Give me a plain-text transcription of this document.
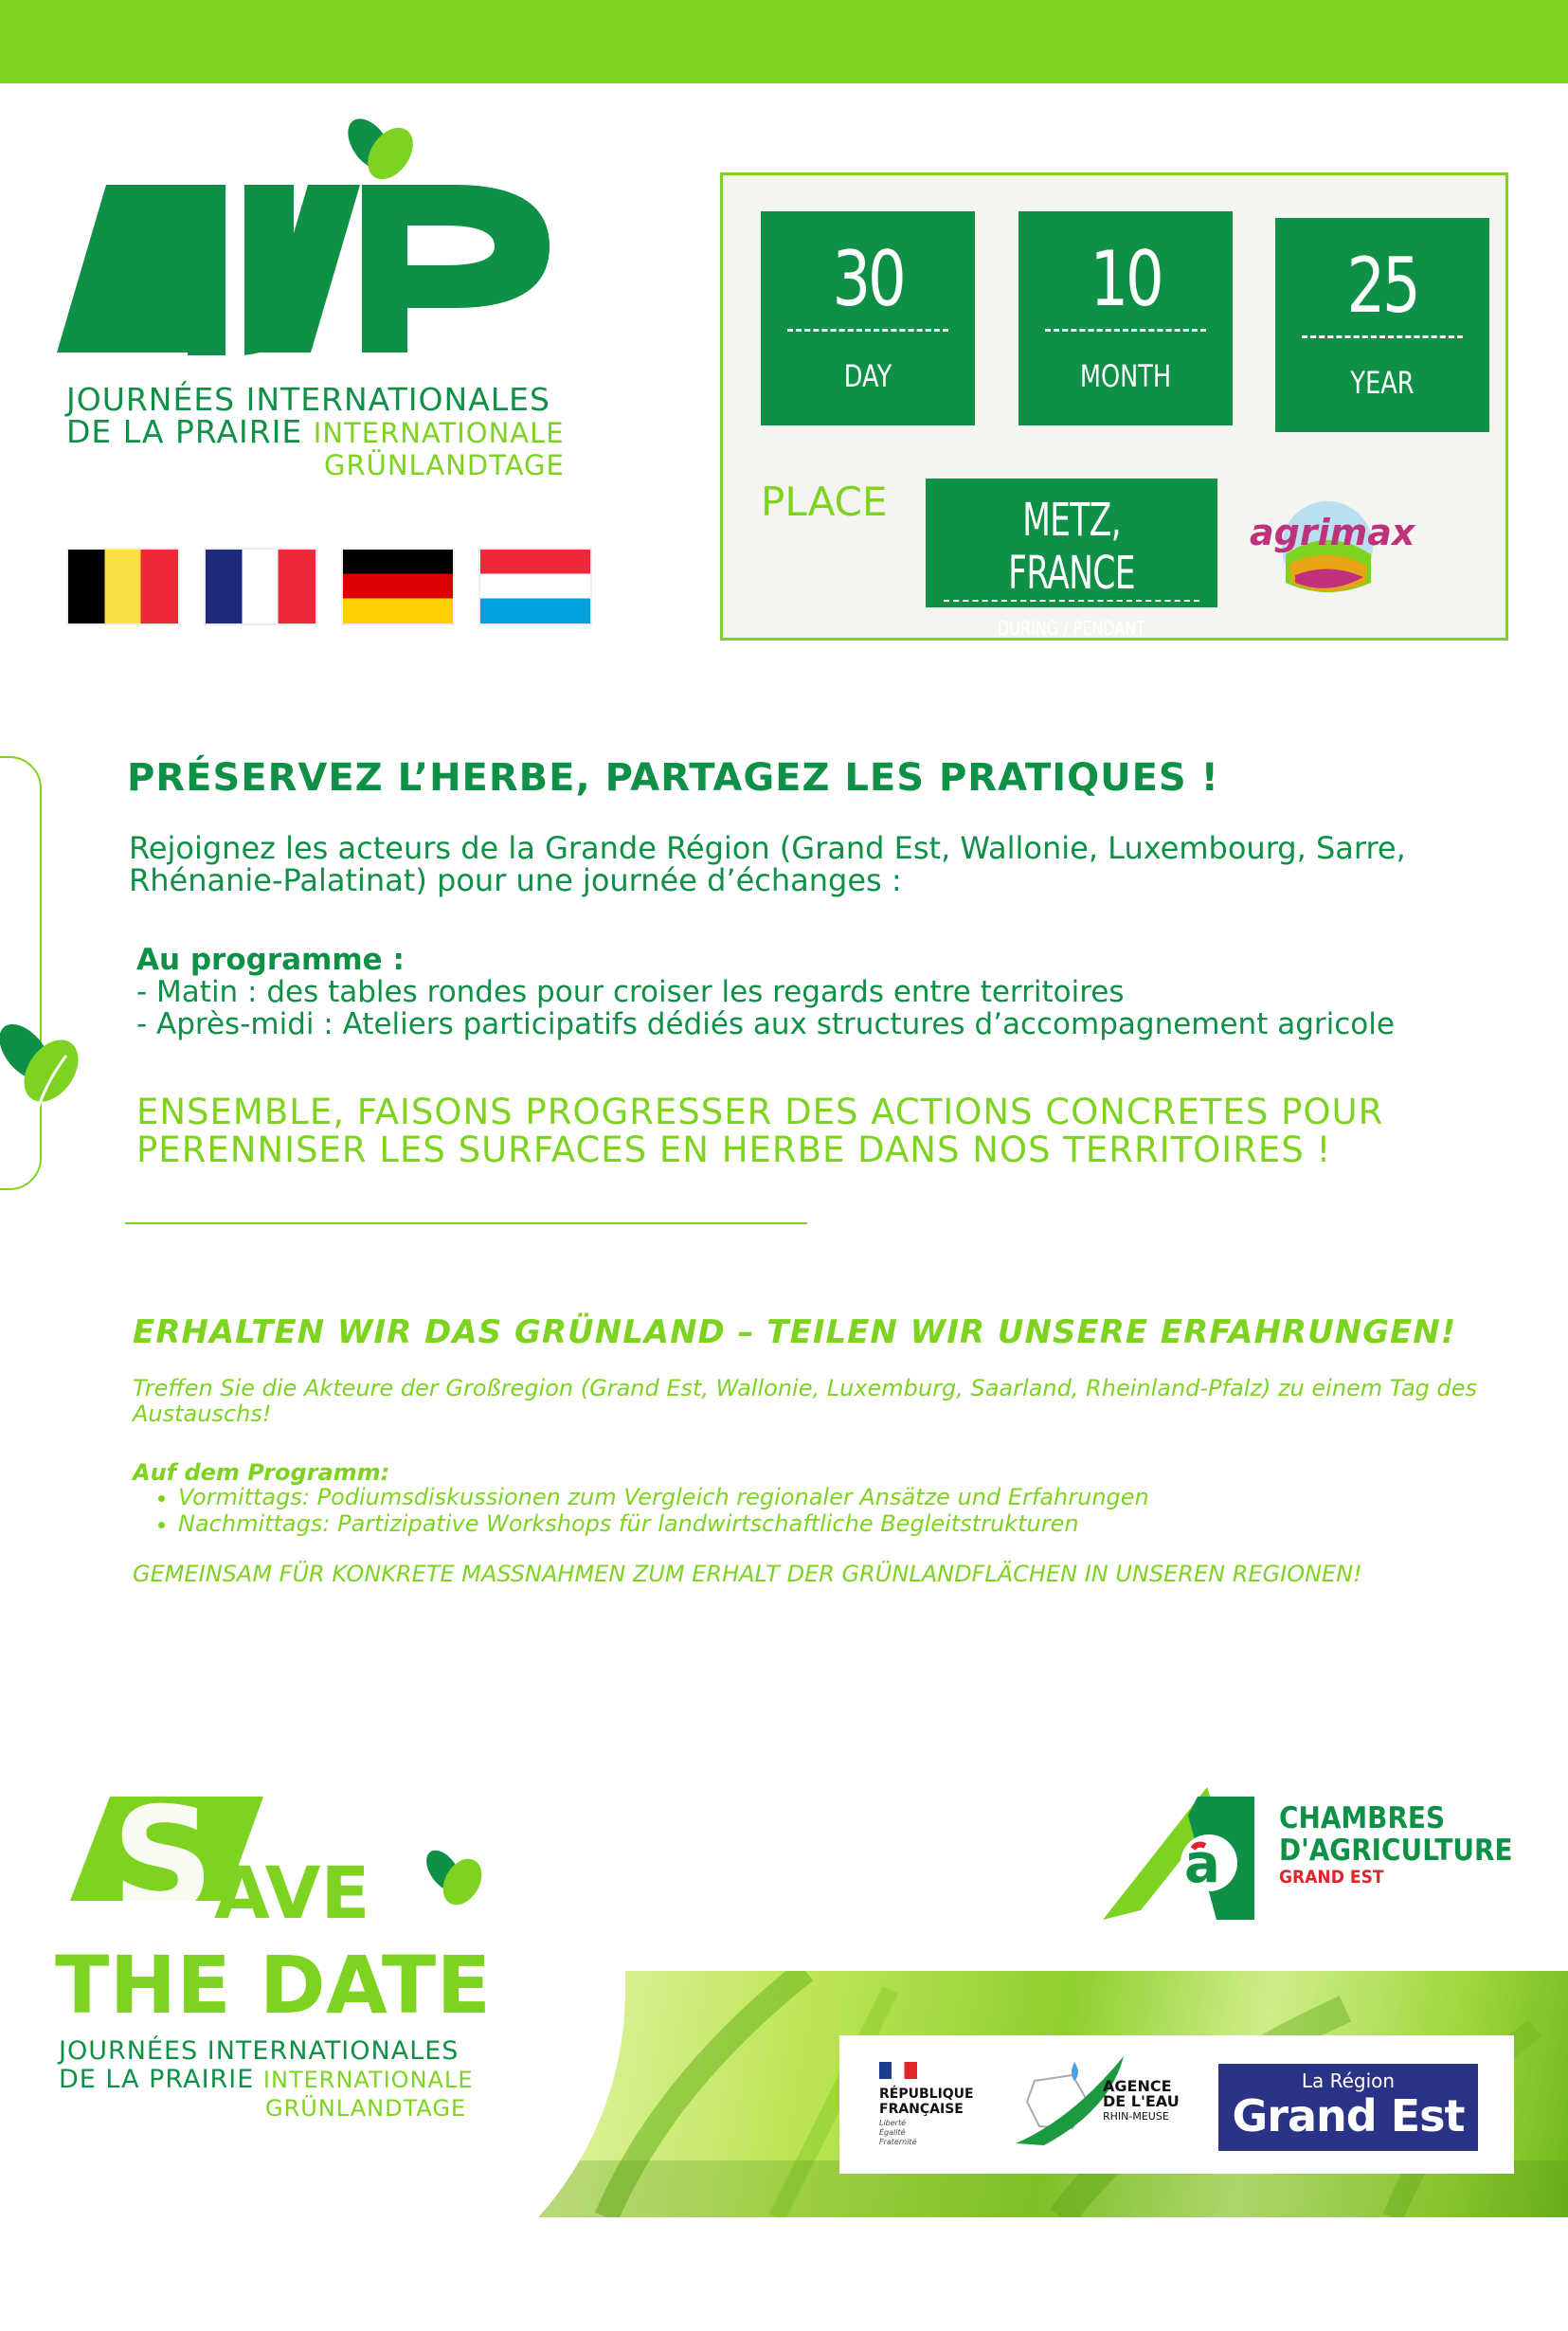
JOURNÉES INTERNATIONALES
DE LA PRAIRIE INTERNATIONALE
GRÜNLANDTAGE
30
DAY
10
MONTH
25
YEAR
PLACE	METZ, FRANCE
DURING / PENDANT
agrimax
PRÉSERVEZ L’HERBE, PARTAGEZ LES PRATIQUES !
Rejoignez les acteurs de la Grande Région (Grand Est, Wallonie, Luxembourg, Sarre, Rhénanie-Palatinat) pour une journée d’échanges :
Au programme :
- Matin : des tables rondes pour croiser les regards entre territoires
- Après-midi : Ateliers participatifs dédiés aux structures d’accompagnement agricole
ENSEMBLE, FAISONS PROGRESSER DES ACTIONS CONCRETES POUR PERENNISER LES SURFACES EN HERBE DANS NOS TERRITOIRES !
ERHALTEN WIR DAS GRÜNLAND – TEILEN WIR UNSERE ERFAHRUNGEN!
Treffen Sie die Akteure der Großregion (Grand Est, Wallonie, Luxemburg, Saarland, Rheinland-Pfalz) zu einem Tag des Austauschs!
Auf dem Programm:
• Vormittags: Podiumsdiskussionen zum Vergleich regionaler Ansätze und Erfahrungen
• Nachmittags: Partizipative Workshops für landwirtschaftliche Begleitstrukturen
GEMEINSAM FÜR KONKRETE MASSNAHMEN ZUM ERHALT DER GRÜNLANDFLÄCHEN IN UNSEREN REGIONEN!
S AVE
THE DATE
JOURNÉES INTERNATIONALES
DE LA PRAIRIE INTERNATIONALE
GRÜNLANDTAGE
a
CHAMBRES
D'AGRICULTURE
GRAND EST
RÉPUBLIQUE
FRANÇAISE
Liberté
Égalité
Fraternité
AGENCE
DE L'EAU
RHIN-MEUSE
La Région
Grand Est
